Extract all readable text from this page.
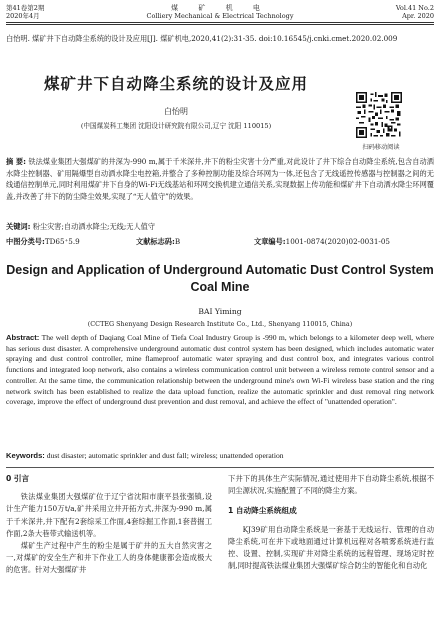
第41卷第2期
2020年4月
煤 矿 机 电
Colliery Mechanical & Electrical Technology
Vol.41 No.2
Apr. 2020
白怡明. 煤矿井下自动降尘系统的设计及应用[J]. 煤矿机电,2020,41(2):31-35. doi:10.16545/j.cnki.cmet.2020.02.009
煤矿井下自动降尘系统的设计及应用
白怡明
(中国煤炭科工集团 沈阳设计研究院有限公司,辽宁 沈阳 110015)
扫码移动阅读
摘 要: 铁法煤业集团大强煤矿的井深为-990 m,属于千米深井,井下的粉尘灾害十分严重,对此设计了井下综合自动降尘系统,包含自动洒水降尘控制器、矿用隔爆型自动洒水降尘电控箱,并整合了多种控制功能及综合环网为一体,还包含了无线遥控传感器与控制器之间的无线通信控制单元,同时利用煤矿井下自身的Wi-Fi无线基站和环网交换机建立通信关系,实现数据上传功能和煤矿井下自动洒水降尘环网覆盖,并改善了井下的防尘降尘效果,实现了“无人值守”的效果。
关键词: 粉尘灾害;自动洒水降尘;无线;无人值守
中图分类号:TD65⁺5.9	文献标志码:B	文章编号:1001-0874(2020)02-0031-05
Design and Application of Underground Automatic Dust Control System Coal Mine
BAI Yiming
(CCTEG Shenyang Design Research Institute Co., Ltd., Shenyang 110015, China)
Abstract: The well depth of Daqiang Coal Mine of Tiefa Coal Industry Group is -990 m, which belongs to a kilometer deep well, where has serious dust disaster. A comprehensive underground automatic dust control system has been designed, which includes automatic water spraying and dust control controller, mine flameproof automatic water spraying and dust control box, and integrates various control functions and integrated loop network, also contains a wireless communication control unit between a wireless remote control sensor and a controller. At the same time, the communication relationship between the underground mine's own Wi-Fi wireless base station and the ring network switch has been established to realize the data upload function, realize the automatic sprinkler and dust removal ring network coverage, improve the effect of underground dust prevention and dust removal, and achieve the effect of "unattended operation".
Keywords: dust disaster; automatic sprinkler and dust fall; wireless; unattended operation
0 引言

铁法煤业集团大强煤矿位于辽宁省沈阳市康平县张强镇,设计生产能力150万t/a,矿井采用立井开拓方式,井深为-990 m,属于千米深井,井下配有2套综采工作面,4套综掘工作面,1套普掘工作面,2条大巷带式输送机等。

煤矿生产过程中产生的粉尘是属于矿井的五大自然灾害之一,对煤矿的安全生产和井下作业工人的身体健康都会造成极大的危害。针对大强煤矿井

下井下的具体生产实际情况,通过使用井下自动降尘系统,根据不同尘源状况,实施配置了不同的降尘方案。

1 自动降尘系统组成

KJ39矿用自动降尘系统是一套基于无线运行、管理的自动降尘系统,可在井下或地面通过计算机远程对各喷雾系统进行监控、设置、控制,实现矿井对降尘系统的远程管理、现场定时控制,同时提高铁法煤业集团大强煤矿综合防尘的智能化和自动化
